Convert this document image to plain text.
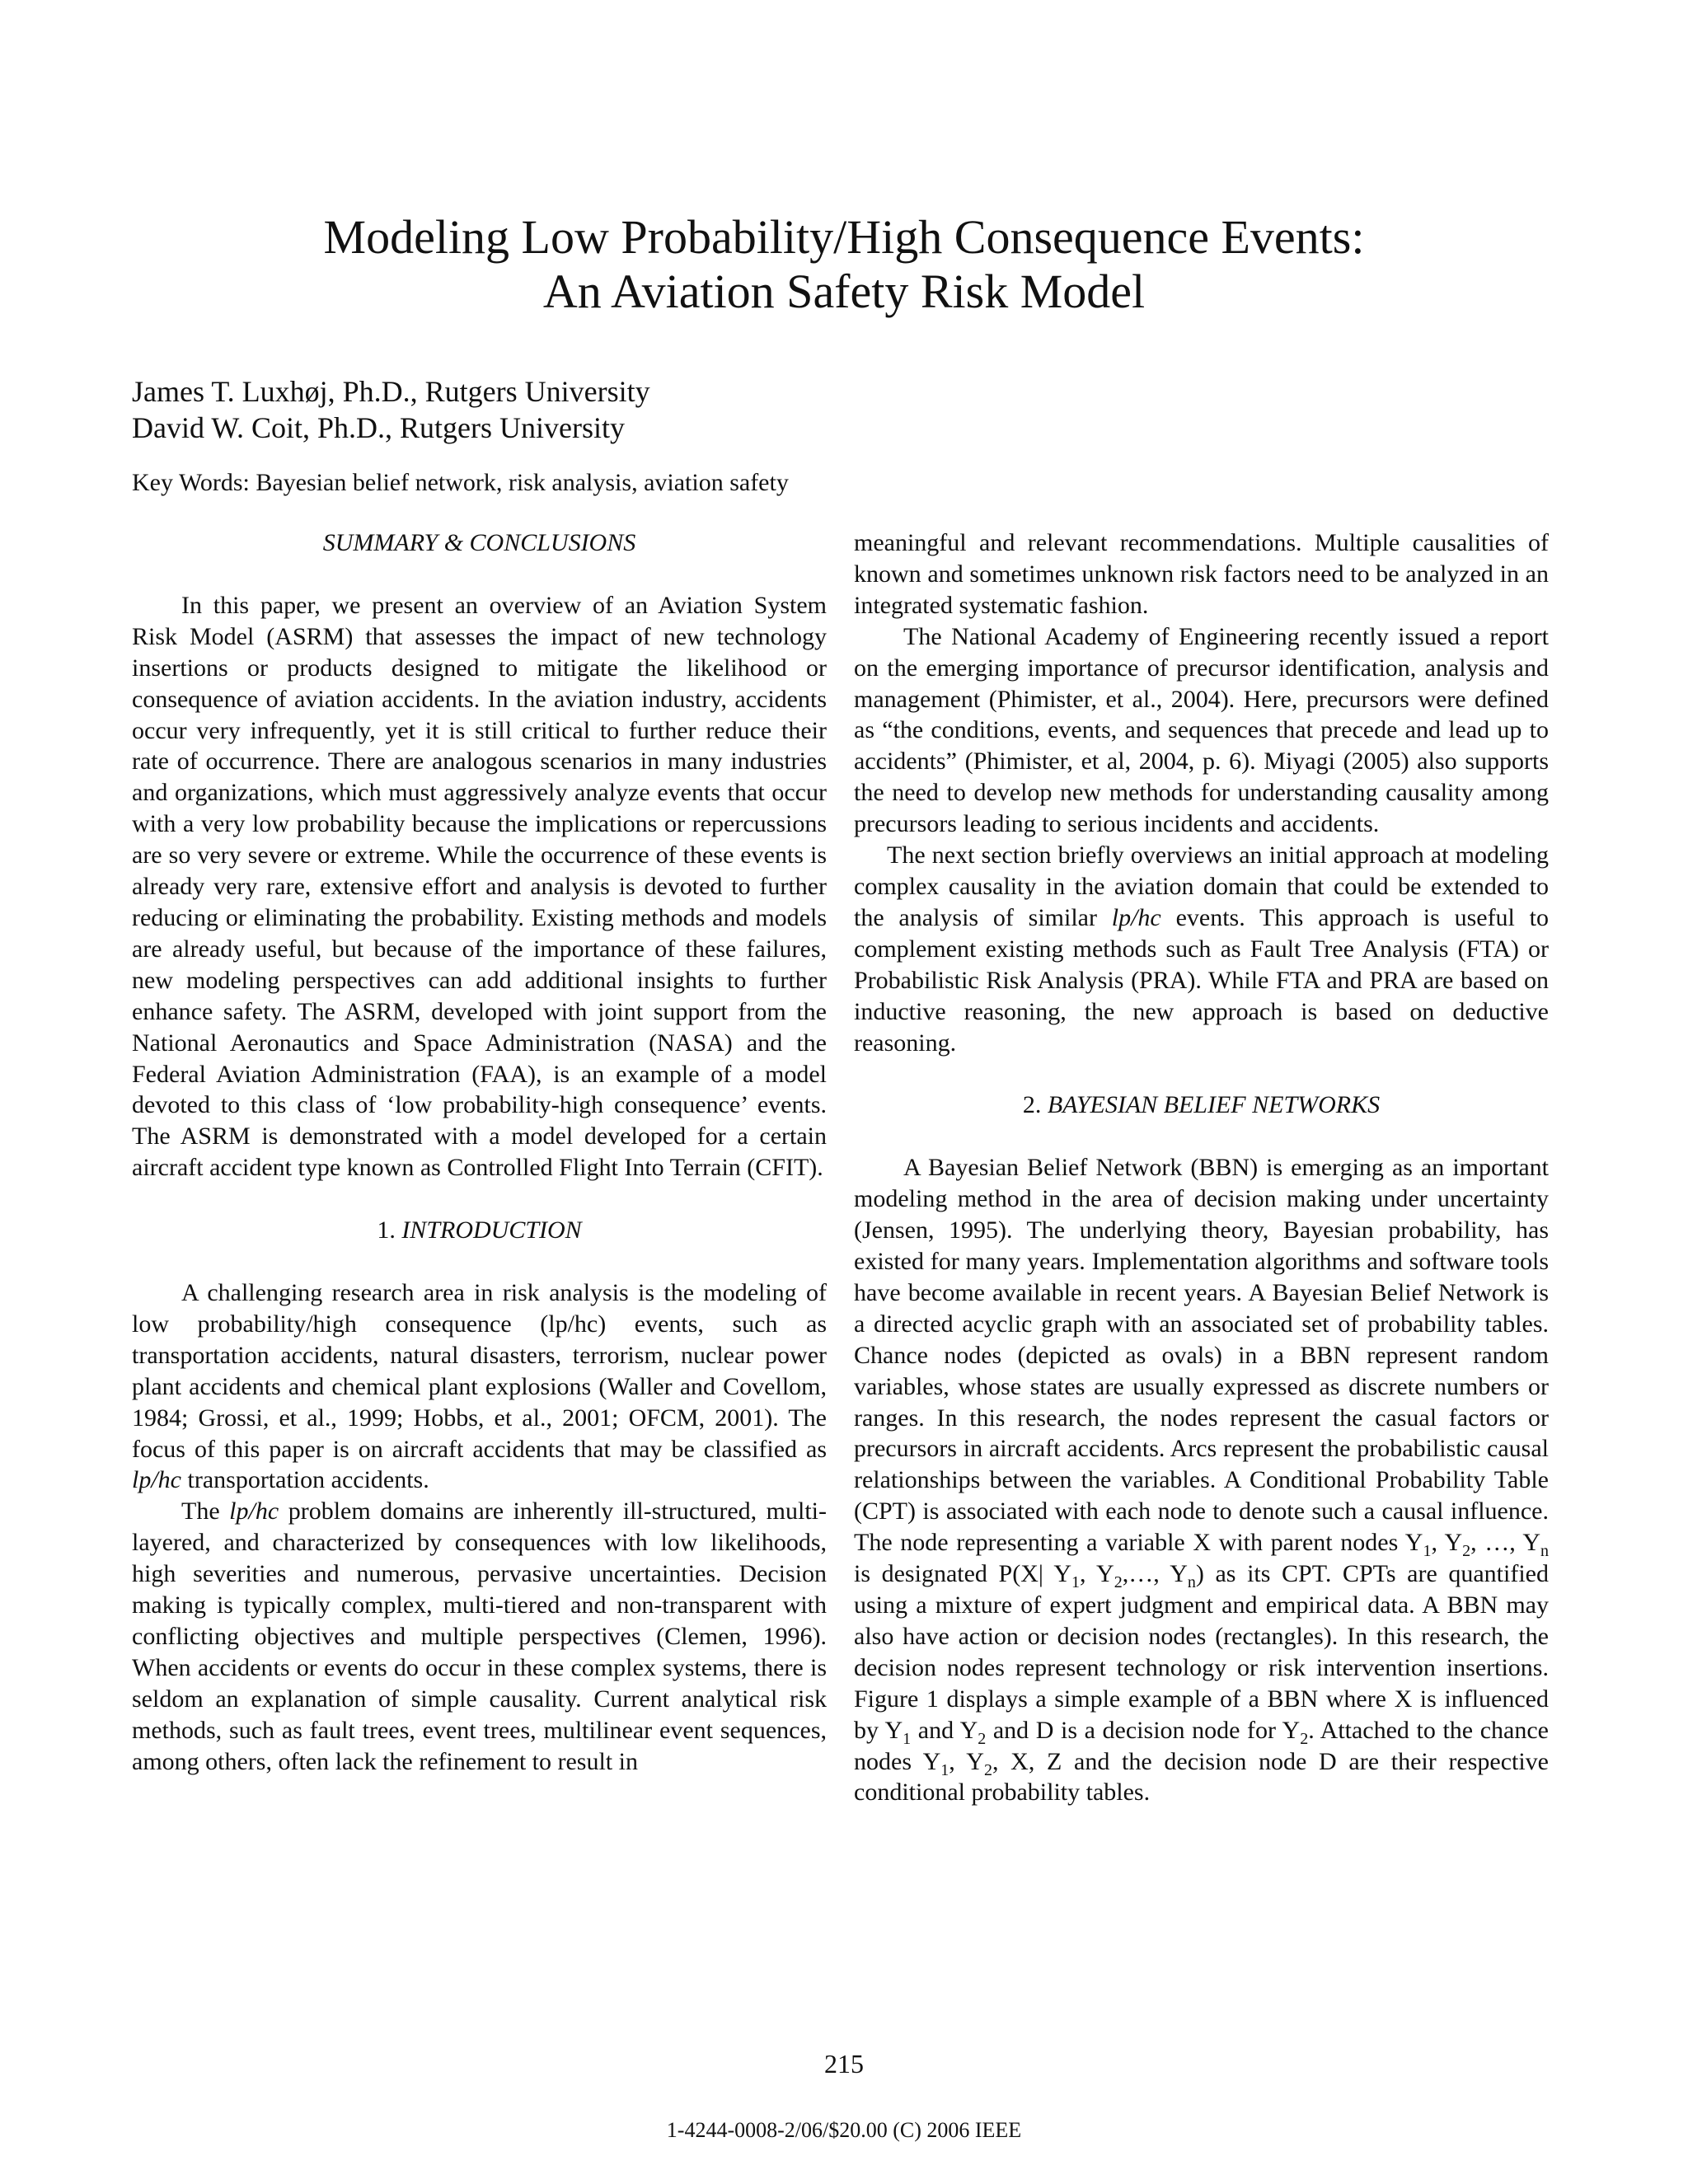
Modeling Low Probability/High Consequence Events:
An Aviation Safety Risk Model
James T. Luxhøj, Ph.D., Rutgers University
David W. Coit, Ph.D., Rutgers University
Key Words: Bayesian belief network, risk analysis, aviation safety
SUMMARY & CONCLUSIONS

In this paper, we present an overview of an Aviation System Risk Model (ASRM) that assesses the impact of new technology insertions or products designed to mitigate the likelihood or consequence of aviation accidents. In the aviation industry, accidents occur very infrequently, yet it is still critical to further reduce their rate of occurrence. There are analogous scenarios in many industries and organizations, which must aggressively analyze events that occur with a very low probability because the implications or repercussions are so very severe or extreme. While the occurrence of these events is already very rare, extensive effort and analysis is devoted to further reducing or eliminating the probability. Existing methods and models are already useful, but because of the importance of these failures, new modeling perspectives can add additional insights to further enhance safety. The ASRM, developed with joint support from the National Aeronautics and Space Administration (NASA) and the Federal Aviation Administration (FAA), is an example of a model devoted to this class of ‘low probability-high consequence’ events. The ASRM is demonstrated with a model developed for a certain aircraft accident type known as Controlled Flight Into Terrain (CFIT).

1. INTRODUCTION

A challenging research area in risk analysis is the modeling of low probability/high consequence (lp/hc) events, such as transportation accidents, natural disasters, terrorism, nuclear power plant accidents and chemical plant explosions (Waller and Covellom, 1984; Grossi, et al., 1999; Hobbs, et al., 2001; OFCM, 2001). The focus of this paper is on aircraft accidents that may be classified as lp/hc transportation accidents.

The lp/hc problem domains are inherently ill-structured, multi-layered, and characterized by consequences with low likelihoods, high severities and numerous, pervasive uncertainties. Decision making is typically complex, multi-tiered and non-transparent with conflicting objectives and multiple perspectives (Clemen, 1996). When accidents or events do occur in these complex systems, there is seldom an explanation of simple causality. Current analytical risk methods, such as fault trees, event trees, multilinear event sequences, among others, often lack the refinement to result in

meaningful and relevant recommendations. Multiple causalities of known and sometimes unknown risk factors need to be analyzed in an integrated systematic fashion.

The National Academy of Engineering recently issued a report on the emerging importance of precursor identification, analysis and management (Phimister, et al., 2004). Here, precursors were defined as “the conditions, events, and sequences that precede and lead up to accidents” (Phimister, et al, 2004, p. 6). Miyagi (2005) also supports the need to develop new methods for understanding causality among precursors leading to serious incidents and accidents.

The next section briefly overviews an initial approach at modeling complex causality in the aviation domain that could be extended to the analysis of similar lp/hc events. This approach is useful to complement existing methods such as Fault Tree Analysis (FTA) or Probabilistic Risk Analysis (PRA). While FTA and PRA are based on inductive reasoning, the new approach is based on deductive reasoning.

2. BAYESIAN BELIEF NETWORKS

A Bayesian Belief Network (BBN) is emerging as an important modeling method in the area of decision making under uncertainty (Jensen, 1995). The underlying theory, Bayesian probability, has existed for many years. Implementation algorithms and software tools have become available in recent years. A Bayesian Belief Network is a directed acyclic graph with an associated set of probability tables. Chance nodes (depicted as ovals) in a BBN represent random variables, whose states are usually expressed as discrete numbers or ranges. In this research, the nodes represent the casual factors or precursors in aircraft accidents. Arcs represent the probabilistic causal relationships between the variables. A Conditional Probability Table (CPT) is associated with each node to denote such a causal influence. The node representing a variable X with parent nodes $Y_1$, $Y_2$, …, $Y_n$ is designated P(X| $Y_1$, $Y_2,\dots$, $Y_n$) as its CPT. CPTs are quantified using a mixture of expert judgment and empirical data. A BBN may also have action or decision nodes (rectangles). In this research, the decision nodes represent technology or risk intervention insertions. Figure 1 displays a simple example of a BBN where X is influenced by $Y_1$ and $Y_2$ and D is a decision node for $Y_2$. Attached to the chance nodes $Y_1$, $Y_2$, X, Z and the decision node D are their respective conditional probability tables.

215
1-4244-0008-2/06/$20.00 (C) 2006 IEEE
